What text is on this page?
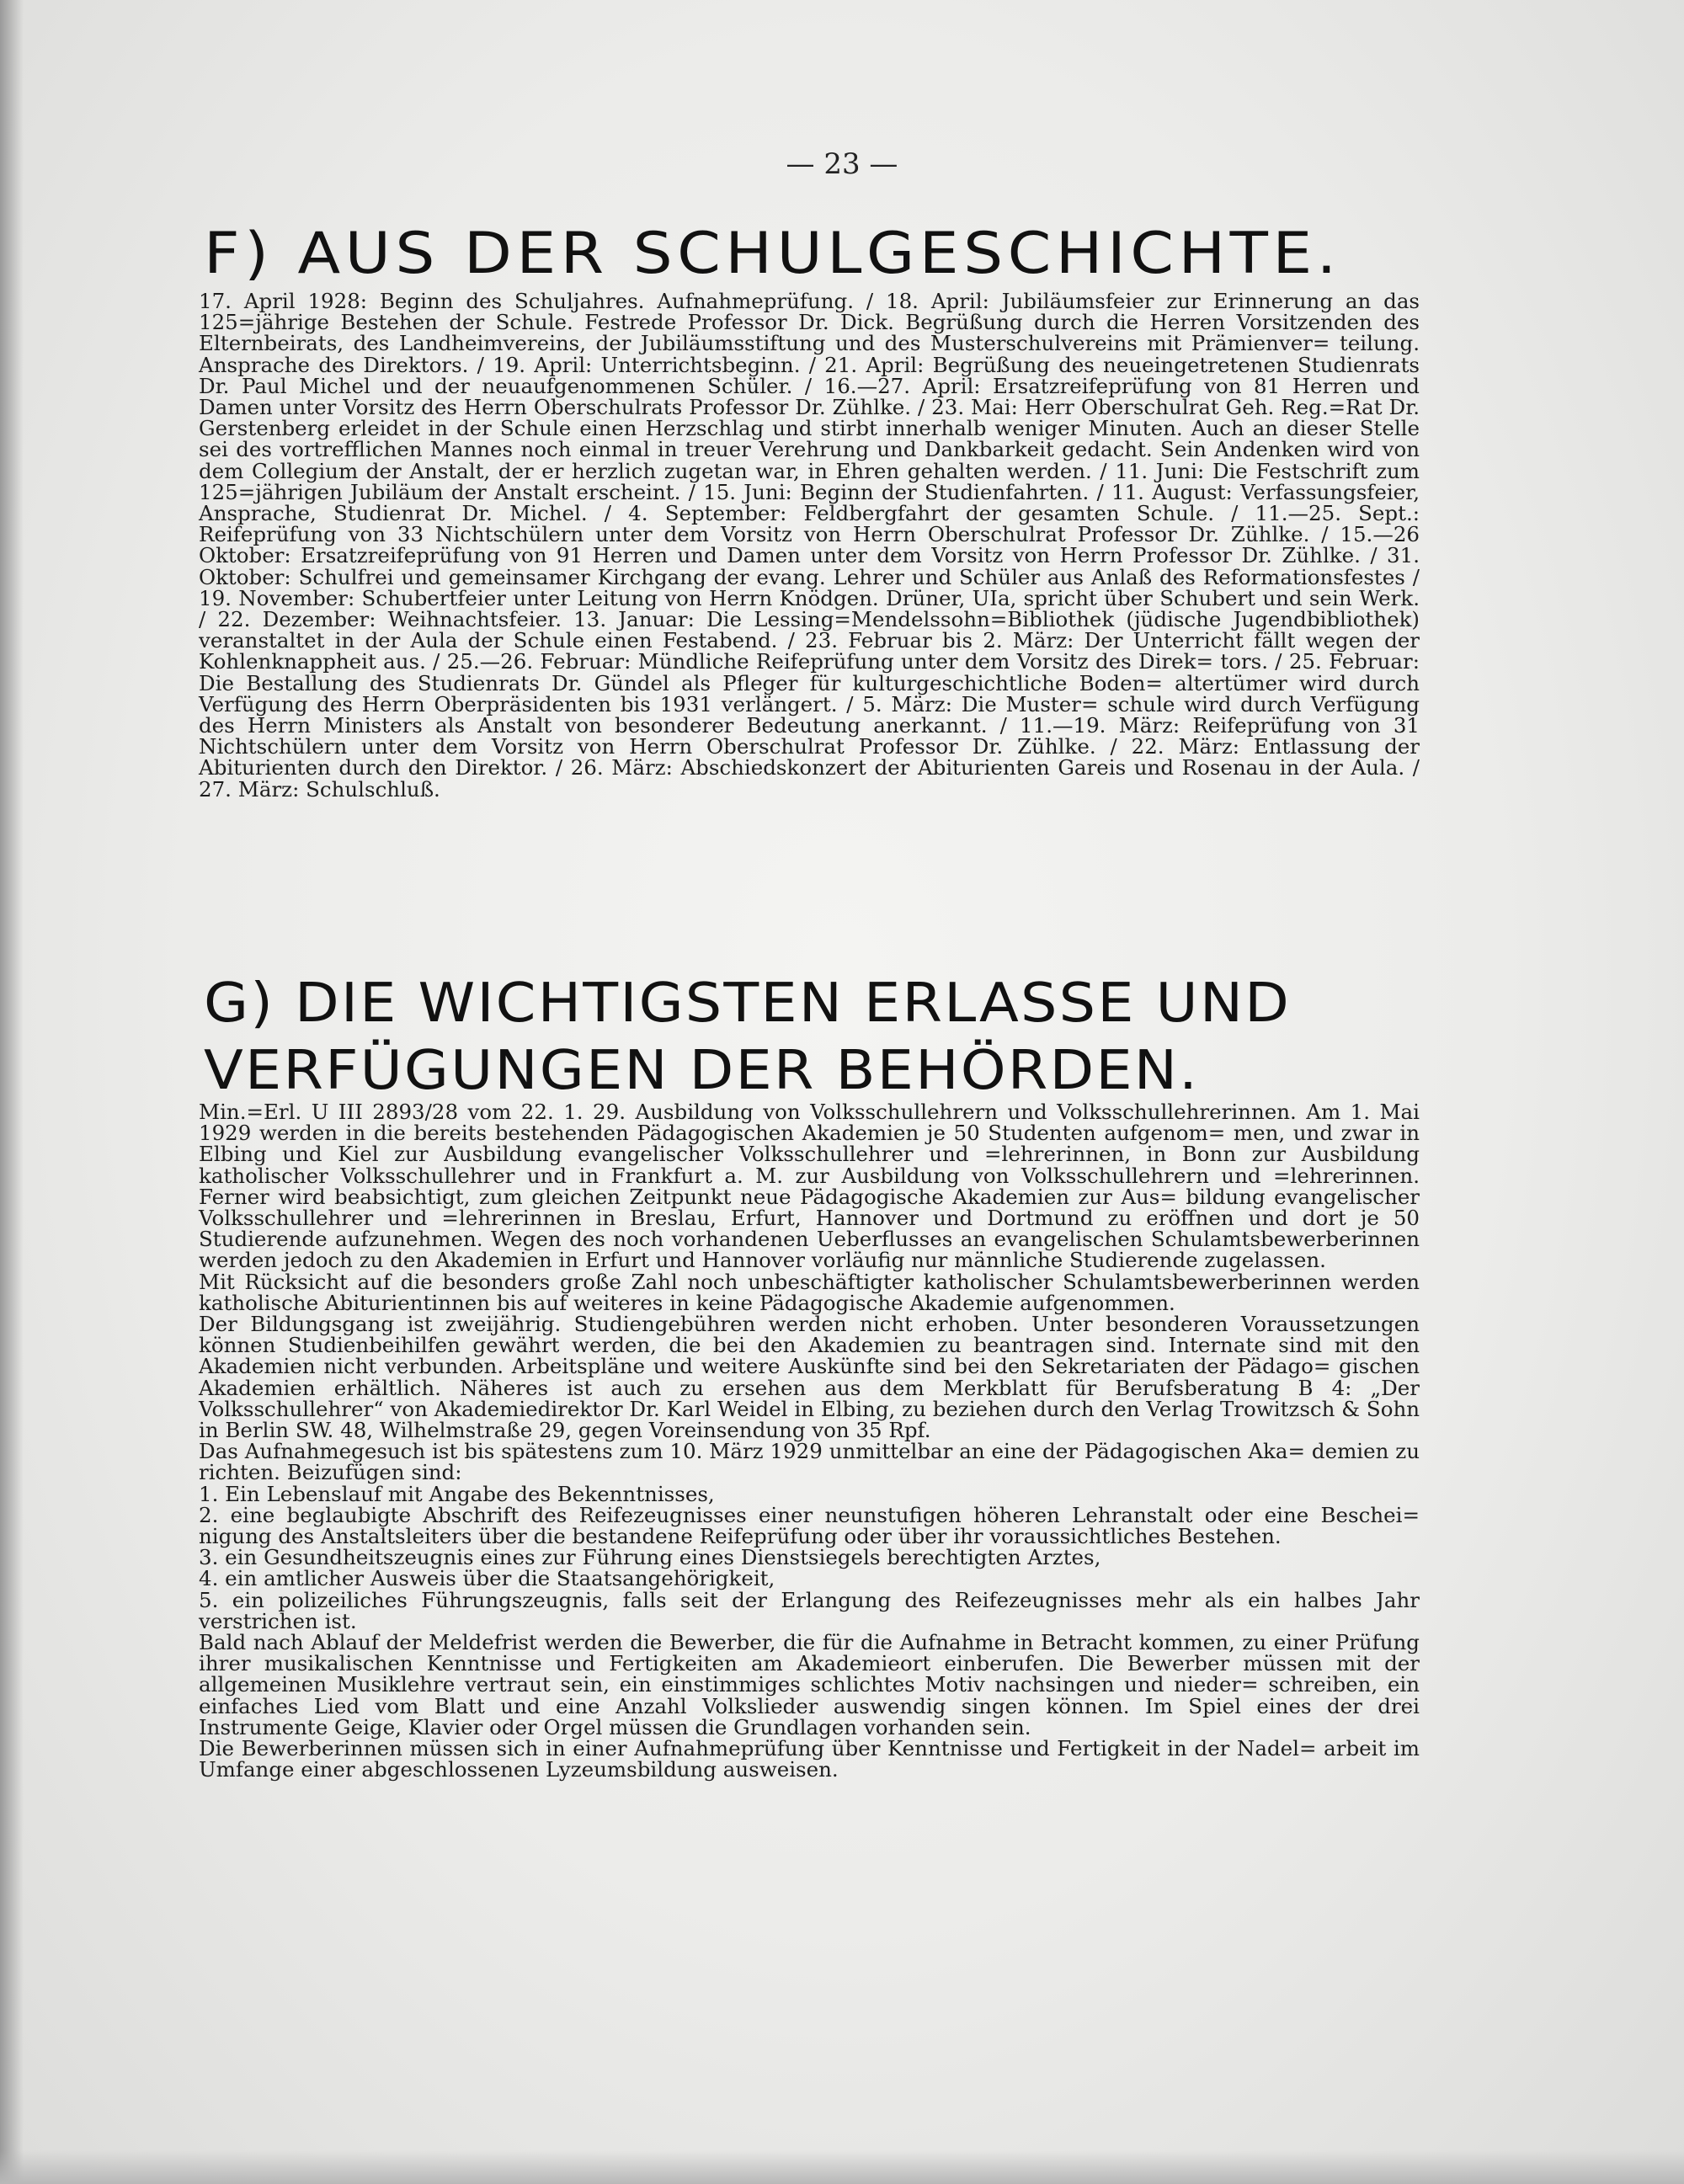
— 23 —
F) AUS DER SCHULGESCHICHTE.

17. April 1928: Beginn des Schuljahres. Aufnahmeprüfung. / 18. April: Jubiläumsfeier zur Erinnerung an das 125=jährige Bestehen der Schule. Festrede Professor Dr. Dick. Begrüßung durch die Herren Vorsitzenden des Elternbeirats, des Landheimvereins, der Jubiläumsstiftung und des Musterschulvereins mit Prämienver= teilung. Ansprache des Direktors. / 19. April: Unterrichtsbeginn. / 21. April: Begrüßung des neueingetretenen Studienrats Dr. Paul Michel und der neuaufgenommenen Schüler. / 16.—27. April: Ersatzreifeprüfung von 81 Herren und Damen unter Vorsitz des Herrn Oberschulrats Professor Dr. Zühlke. / 23. Mai: Herr Oberschulrat Geh. Reg.=Rat Dr. Gerstenberg erleidet in der Schule einen Herzschlag und stirbt innerhalb weniger Minuten. Auch an dieser Stelle sei des vortrefflichen Mannes noch einmal in treuer Verehrung und Dankbarkeit gedacht. Sein Andenken wird von dem Collegium der Anstalt, der er herzlich zugetan war, in Ehren gehalten werden. / 11. Juni: Die Festschrift zum 125=jährigen Jubiläum der Anstalt erscheint. / 15. Juni: Beginn der Studienfahrten. / 11. August: Verfassungsfeier, Ansprache, Studienrat Dr. Michel. / 4. September: Feldbergfahrt der gesamten Schule. / 11.—25. Sept.: Reifeprüfung von 33 Nichtschülern unter dem Vorsitz von Herrn Oberschulrat Professor Dr. Zühlke. / 15.—26 Oktober: Ersatzreifeprüfung von 91 Herren und Damen unter dem Vorsitz von Herrn Professor Dr. Zühlke. / 31. Oktober: Schulfrei und gemeinsamer Kirchgang der evang. Lehrer und Schüler aus Anlaß des Reformationsfestes / 19. November: Schubertfeier unter Leitung von Herrn Knödgen. Drüner, UIa, spricht über Schubert und sein Werk. / 22. Dezember: Weihnachtsfeier. 13. Januar: Die Lessing=Mendelssohn=Bibliothek (jüdische Jugendbibliothek) veranstaltet in der Aula der Schule einen Festabend. / 23. Februar bis 2. März: Der Unterricht fällt wegen der Kohlenknappheit aus. / 25.—26. Februar: Mündliche Reifeprüfung unter dem Vorsitz des Direk= tors. / 25. Februar: Die Bestallung des Studienrats Dr. Gündel als Pfleger für kulturgeschichtliche Boden= altertümer wird durch Verfügung des Herrn Oberpräsidenten bis 1931 verlängert. / 5. März: Die Muster= schule wird durch Verfügung des Herrn Ministers als Anstalt von besonderer Bedeutung anerkannt. / 11.—19. März: Reifeprüfung von 31 Nichtschülern unter dem Vorsitz von Herrn Oberschulrat Professor Dr. Zühlke. / 22. März: Entlassung der Abiturienten durch den Direktor. / 26. März: Abschiedskonzert der Abiturienten Gareis und Rosenau in der Aula. / 27. März: Schulschluß.

G) DIE WICHTIGSTEN ERLASSE UND
VERFÜGUNGEN DER BEHÖRDEN.

Min.=Erl. U III 2893/28 vom 22. 1. 29. Ausbildung von Volksschullehrern und Volksschullehrerinnen. Am 1. Mai 1929 werden in die bereits bestehenden Pädagogischen Akademien je 50 Studenten aufgenom= men, und zwar in Elbing und Kiel zur Ausbildung evangelischer Volksschullehrer und =lehrerinnen, in Bonn zur Ausbildung katholischer Volksschullehrer und in Frankfurt a. M. zur Ausbildung von Volksschullehrern und =lehrerinnen. Ferner wird beabsichtigt, zum gleichen Zeitpunkt neue Pädagogische Akademien zur Aus= bildung evangelischer Volksschullehrer und =lehrerinnen in Breslau, Erfurt, Hannover und Dortmund zu eröffnen und dort je 50 Studierende aufzunehmen. Wegen des noch vorhandenen Ueberflusses an evangelischen Schulamtsbewerberinnen werden jedoch zu den Akademien in Erfurt und Hannover vorläufig nur männliche Studierende zugelassen.

Mit Rücksicht auf die besonders große Zahl noch unbeschäftigter katholischer Schulamtsbewerberinnen werden katholische Abiturientinnen bis auf weiteres in keine Pädagogische Akademie aufgenommen.

Der Bildungsgang ist zweijährig. Studiengebühren werden nicht erhoben. Unter besonderen Voraussetzungen können Studienbeihilfen gewährt werden, die bei den Akademien zu beantragen sind. Internate sind mit den Akademien nicht verbunden. Arbeitspläne und weitere Auskünfte sind bei den Sekretariaten der Pädago= gischen Akademien erhältlich. Näheres ist auch zu ersehen aus dem Merkblatt für Berufsberatung B 4: „Der Volksschullehrer“ von Akademiedirektor Dr. Karl Weidel in Elbing, zu beziehen durch den Verlag Trowitzsch & Sohn in Berlin SW. 48, Wilhelmstraße 29, gegen Voreinsendung von 35 Rpf.

Das Aufnahmegesuch ist bis spätestens zum 10. März 1929 unmittelbar an eine der Pädagogischen Aka= demien zu richten. Beizufügen sind:

1. Ein Lebenslauf mit Angabe des Bekenntnisses,

2. eine beglaubigte Abschrift des Reifezeugnisses einer neunstufigen höheren Lehranstalt oder eine Beschei= nigung des Anstaltsleiters über die bestandene Reifeprüfung oder über ihr voraussichtliches Bestehen.

3. ein Gesundheitszeugnis eines zur Führung eines Dienstsiegels berechtigten Arztes,

4. ein amtlicher Ausweis über die Staatsangehörigkeit,

5. ein polizeiliches Führungszeugnis, falls seit der Erlangung des Reifezeugnisses mehr als ein halbes Jahr verstrichen ist.

Bald nach Ablauf der Meldefrist werden die Bewerber, die für die Aufnahme in Betracht kommen, zu einer Prüfung ihrer musikalischen Kenntnisse und Fertigkeiten am Akademieort einberufen. Die Bewerber müssen mit der allgemeinen Musiklehre vertraut sein, ein einstimmiges schlichtes Motiv nachsingen und nieder= schreiben, ein einfaches Lied vom Blatt und eine Anzahl Volkslieder auswendig singen können. Im Spiel eines der drei Instrumente Geige, Klavier oder Orgel müssen die Grundlagen vorhanden sein.

Die Bewerberinnen müssen sich in einer Aufnahmeprüfung über Kenntnisse und Fertigkeit in der Nadel= arbeit im Umfange einer abgeschlossenen Lyzeumsbildung ausweisen.
